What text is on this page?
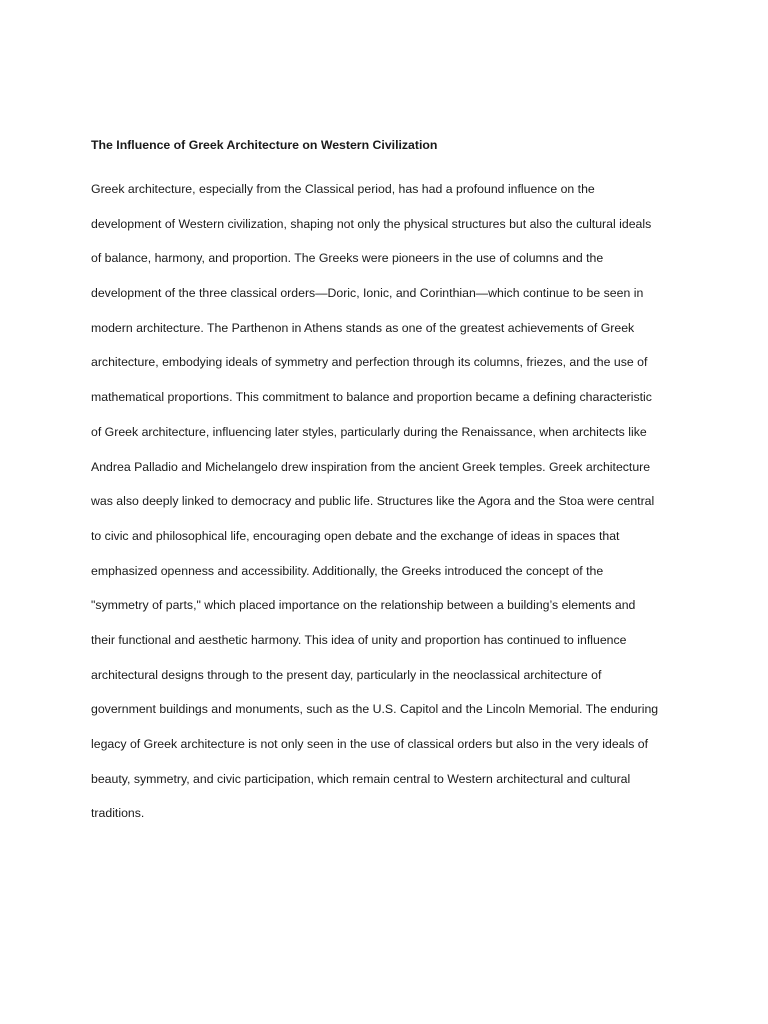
The Influence of Greek Architecture on Western Civilization
Greek architecture, especially from the Classical period, has had a profound influence on the
development of Western civilization, shaping not only the physical structures but also the cultural ideals
of balance, harmony, and proportion. The Greeks were pioneers in the use of columns and the
development of the three classical orders—Doric, Ionic, and Corinthian—which continue to be seen in
modern architecture. The Parthenon in Athens stands as one of the greatest achievements of Greek
architecture, embodying ideals of symmetry and perfection through its columns, friezes, and the use of
mathematical proportions. This commitment to balance and proportion became a defining characteristic
of Greek architecture, influencing later styles, particularly during the Renaissance, when architects like
Andrea Palladio and Michelangelo drew inspiration from the ancient Greek temples. Greek architecture
was also deeply linked to democracy and public life. Structures like the Agora and the Stoa were central
to civic and philosophical life, encouraging open debate and the exchange of ideas in spaces that
emphasized openness and accessibility. Additionally, the Greeks introduced the concept of the
"symmetry of parts," which placed importance on the relationship between a building’s elements and
their functional and aesthetic harmony. This idea of unity and proportion has continued to influence
architectural designs through to the present day, particularly in the neoclassical architecture of
government buildings and monuments, such as the U.S. Capitol and the Lincoln Memorial. The enduring
legacy of Greek architecture is not only seen in the use of classical orders but also in the very ideals of
beauty, symmetry, and civic participation, which remain central to Western architectural and cultural
traditions.
